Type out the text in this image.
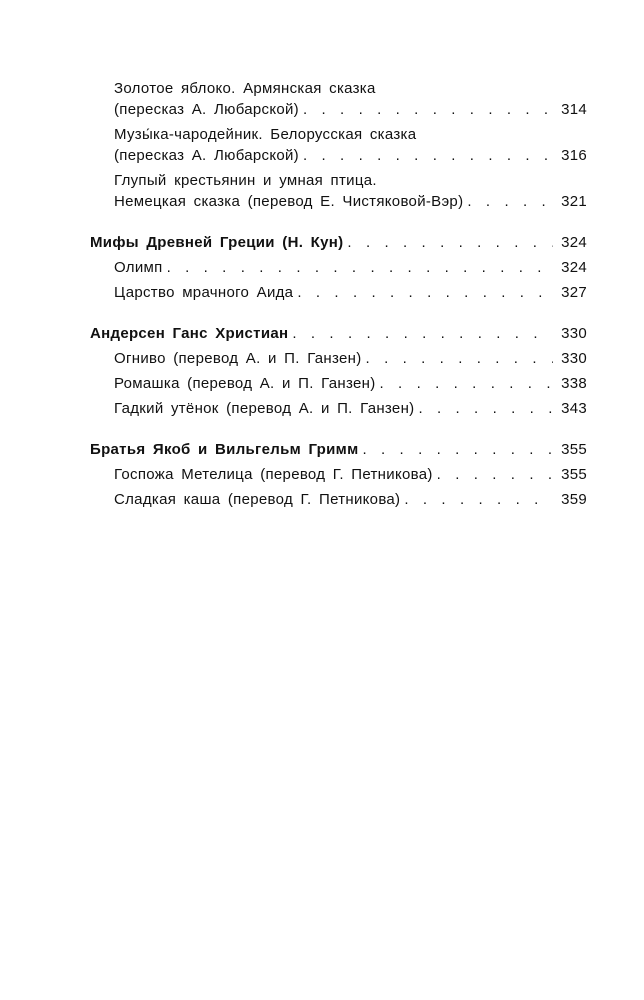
Золотое яблоко. Армянская сказка
(пересказ А. Любарской) . . .	314
Музы́ка-чародейник. Белорусская сказка
(пересказ А. Любарской) . . .	316
Глупый крестьянин и умная птица.
Немецкая сказка (перевод Е. Чистяковой-Вэр) . . .	321
Мифы Древней Греции (Н. Кун) . . .	324
Олимп . . .	324
Царство мрачного Аида . . .	327
Андерсен Ганс Христиан . . .	330
Огниво (перевод А. и П. Ганзен) . . .	330
Ромашка (перевод А. и П. Ганзен) . . .	338
Гадкий утёнок (перевод А. и П. Ганзен) . . .	343
Братья Якоб и Вильгельм Гримм . . .	355
Госпожа Метелица (перевод Г. Петникова) . . .	355
Сладкая каша (перевод Г. Петникова) . . .	359
